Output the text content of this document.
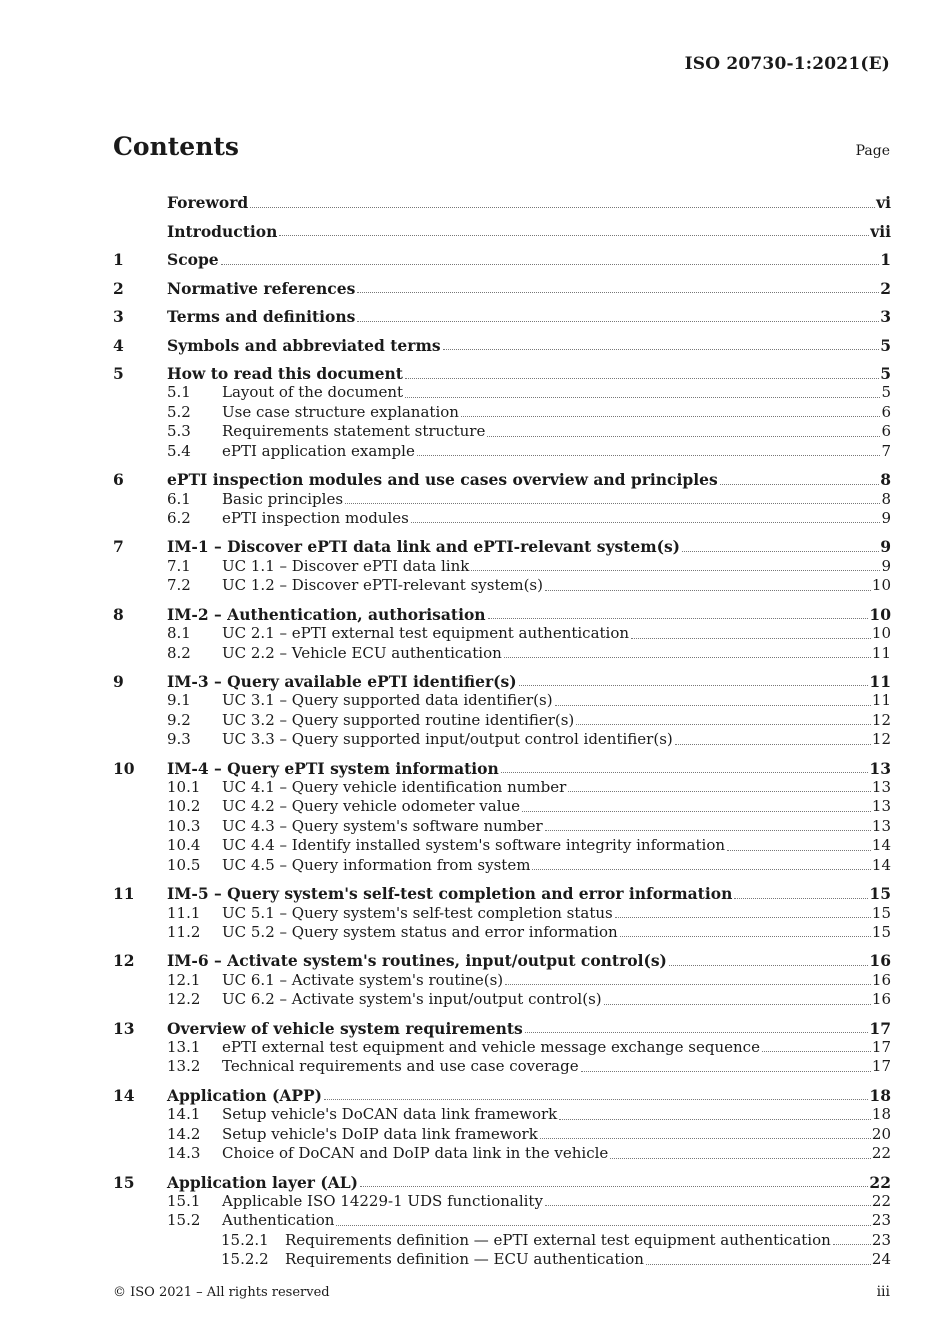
ISO 20730-1:2021(E)
Contents	Page
Foreword	vi
Introduction	vii
1	Scope	1
2	Normative references	2
3	Terms and definitions	3
4	Symbols and abbreviated terms	5
5	How to read this document	5
5.1	Layout of the document	5
5.2	Use case structure explanation	6
5.3	Requirements statement structure	6
5.4	ePTI application example	7
6	ePTI inspection modules and use cases overview and principles	8
6.1	Basic principles	8
6.2	ePTI inspection modules	9
7	IM-1 – Discover ePTI data link and ePTI-relevant system(s)	9
7.1	UC 1.1 – Discover ePTI data link	9
7.2	UC 1.2 – Discover ePTI-relevant system(s)	10
8	IM-2 – Authentication, authorisation	10
8.1	UC 2.1 – ePTI external test equipment authentication	10
8.2	UC 2.2 – Vehicle ECU authentication	11
9	IM-3 – Query available ePTI identifier(s)	11
9.1	UC 3.1 – Query supported data identifier(s)	11
9.2	UC 3.2 – Query supported routine identifier(s)	12
9.3	UC 3.3 – Query supported input/output control identifier(s)	12
10	IM-4 – Query ePTI system information	13
10.1	UC 4.1 – Query vehicle identification number	13
10.2	UC 4.2 – Query vehicle odometer value	13
10.3	UC 4.3 – Query system's software number	13
10.4	UC 4.4 – Identify installed system's software integrity information	14
10.5	UC 4.5 – Query information from system	14
11	IM-5 – Query system's self-test completion and error information	15
11.1	UC 5.1 – Query system's self-test completion status	15
11.2	UC 5.2 – Query system status and error information	15
12	IM-6 – Activate system's routines, input/output control(s)	16
12.1	UC 6.1 – Activate system's routine(s)	16
12.2	UC 6.2 – Activate system's input/output control(s)	16
13	Overview of vehicle system requirements	17
13.1	ePTI external test equipment and vehicle message exchange sequence	17
13.2	Technical requirements and use case coverage	17
14	Application (APP)	18
14.1	Setup vehicle's DoCAN data link framework	18
14.2	Setup vehicle's DoIP data link framework	20
14.3	Choice of DoCAN and DoIP data link in the vehicle	22
15	Application layer (AL)	22
15.1	Applicable ISO 14229-1 UDS functionality	22
15.2	Authentication	23
15.2.1	Requirements definition — ePTI external test equipment authentication	23
15.2.2	Requirements definition — ECU authentication	24
© ISO 2021 – All rights reserved	iii
